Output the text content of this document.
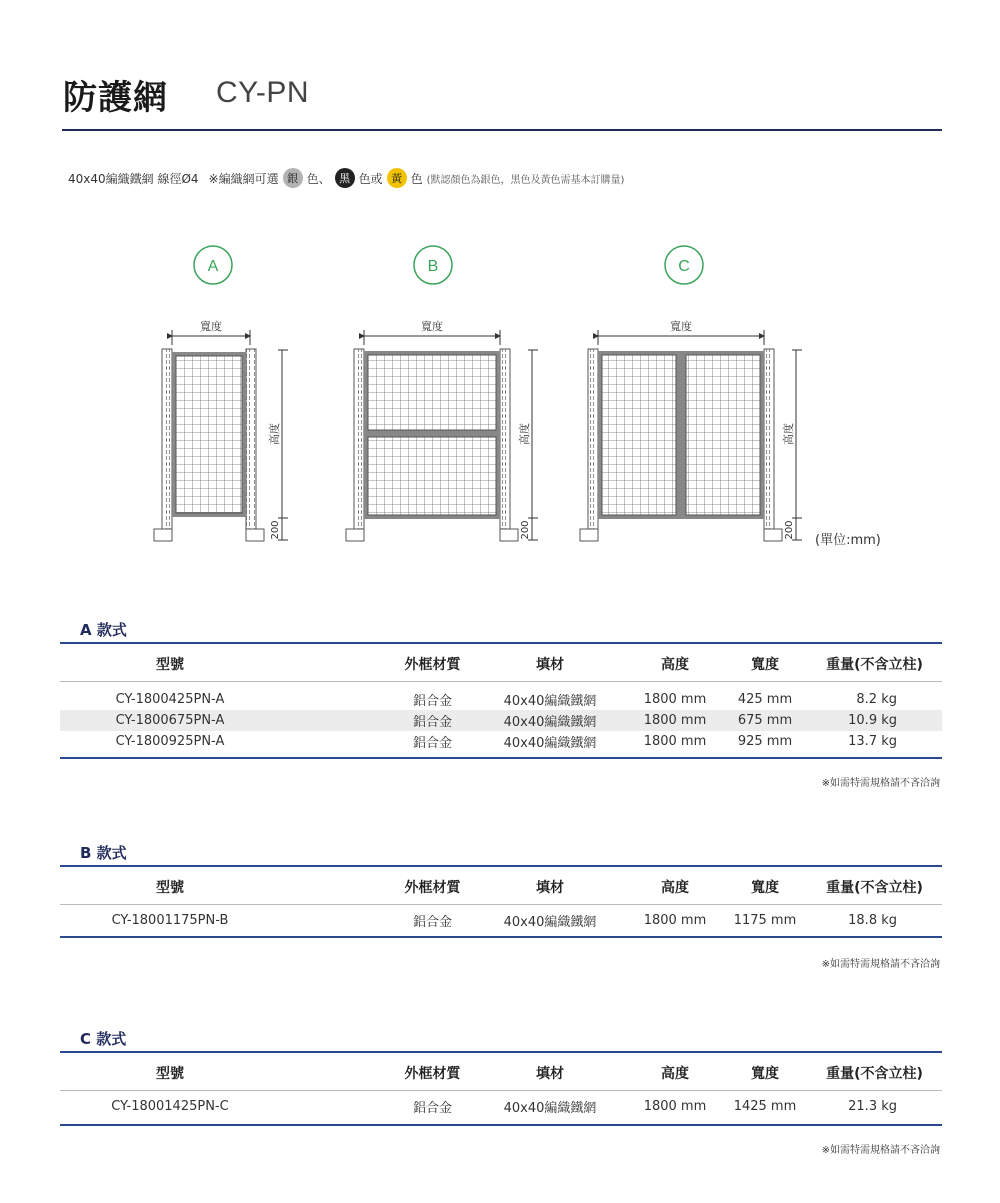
防護網 CY-PN
40x40編織鐵網 線徑Ø4 ※編織網可選 銀 色、 黑 色或 黃 色 (默認顏色為銀色，黑色及黃色需基本訂購量)
A
寬度
高度
200
B
寬度
高度
200
C
寬度
高度
200
(單位:mm)
A 款式
型號	外框材質	填材	高度	寬度	重量(不含立柱)
CY-1800425PN-A	鋁合金	40x40編織鐵網	1800 mm	425 mm	8.2 kg
CY-1800675PN-A	鋁合金	40x40編織鐵網	1800 mm	675 mm	10.9 kg
CY-1800925PN-A	鋁合金	40x40編織鐵網	1800 mm	925 mm	13.7 kg
※如需特需規格請不吝洽詢
B 款式
型號	外框材質	填材	高度	寬度	重量(不含立柱)
CY-18001175PN-B	鋁合金	40x40編織鐵網	1800 mm	1175 mm	18.8 kg
※如需特需規格請不吝洽詢
C 款式
型號	外框材質	填材	高度	寬度	重量(不含立柱)
CY-18001425PN-C	鋁合金	40x40編織鐵網	1800 mm	1425 mm	21.3 kg
※如需特需規格請不吝洽詢
